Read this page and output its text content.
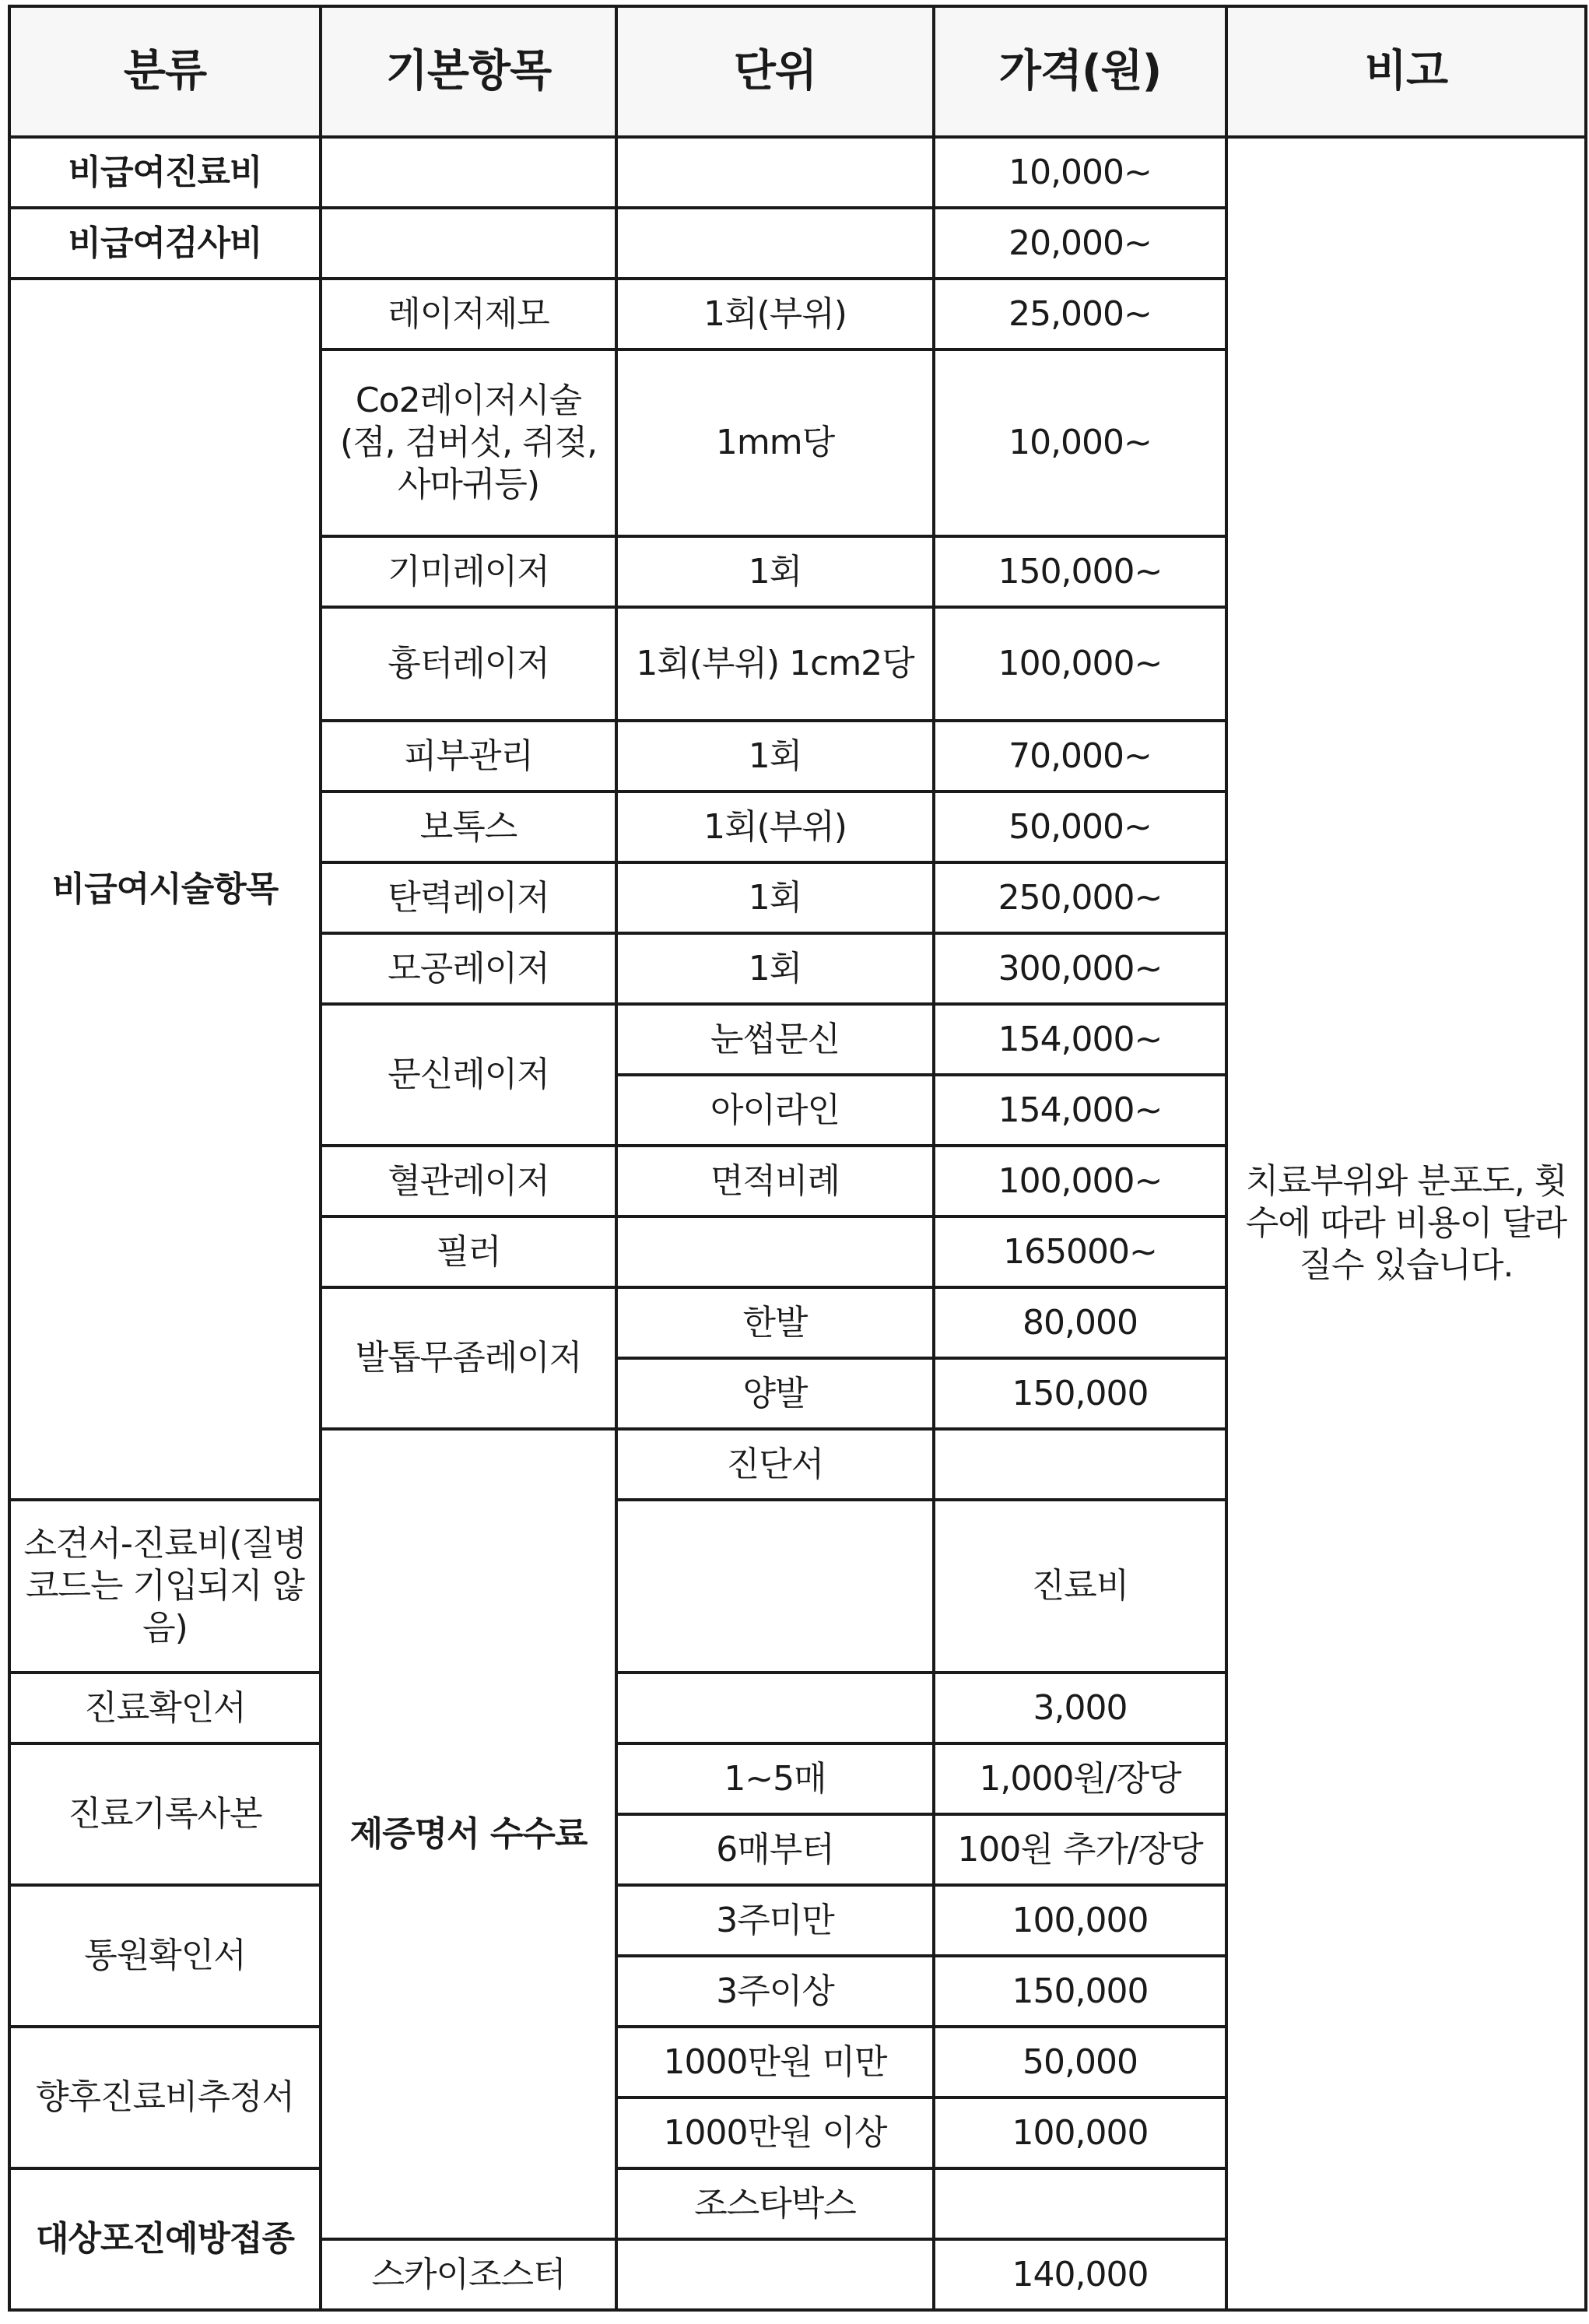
분류	기본항목	단위	가격(원)	비고	
비급여진료비			10,000~	치료부위와 분포도, 횟수에 따라 비용이 달라질수 있습니다.	
비급여검사비			20,000~		
비급여시술항목	레이저제모	1회(부위)	25,000~		
	Co2레이저시술 (점, 검버섯, 쥐젖, 사마귀등)	1mm당	10,000~		
	기미레이저	1회	150,000~		
	흉터레이저	1회(부위) 1cm2당	100,000~		
	피부관리	1회	70,000~		
	보톡스	1회(부위)	50,000~		
	탄력레이저	1회	250,000~		
	모공레이저	1회	300,000~		
	문신레이저	눈썹문신	154,000~		
		아이라인	154,000~		
	혈관레이저	면적비례	100,000~		
	필러		165000~		
	발톱무좀레이저	한발	80,000		
		양발	150,000		
	제증명서 수수료	진단서		
소견서-진료비(질병코드는 기입되지 않음)			진료비		
진료확인서			3,000		
진료기록사본		1~5매	1,000원/장당		
		6매부터	100원 추가/장당		
통원확인서		3주미만	100,000		
		3주이상	150,000		
향후진료비추정서		1000만원 미만	50,000		
		1000만원 이상	100,000		
대상포진예방접종		조스타박스		
	스카이조스터		140,000		
